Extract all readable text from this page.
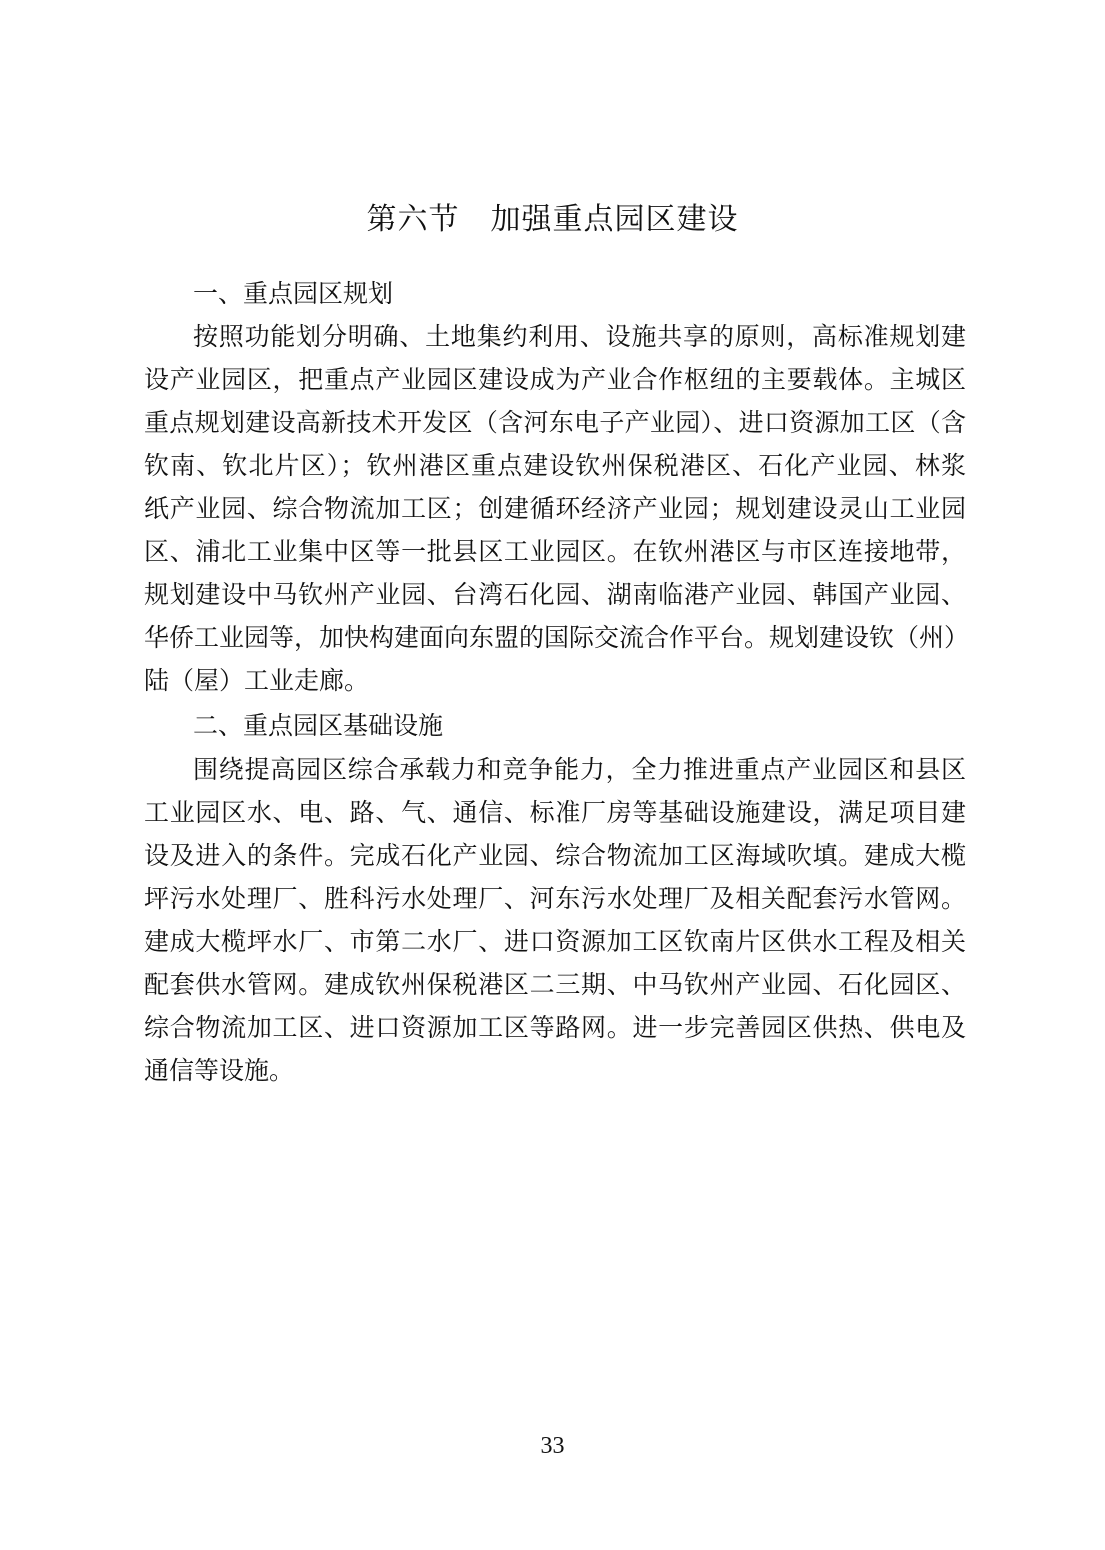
第六节　加强重点园区建设
一、重点园区规划

按照功能划分明确、土地集约利用、设施共享的原则，高标准规划建

设产业园区，把重点产业园区建设成为产业合作枢纽的主要载体。主城区

重点规划建设高新技术开发区（含河东电子产业园）、进口资源加工区（含

钦南、钦北片区）；钦州港区重点建设钦州保税港区、石化产业园、林浆

纸产业园、综合物流加工区；创建循环经济产业园；规划建设灵山工业园

区、浦北工业集中区等一批县区工业园区。在钦州港区与市区连接地带，

规划建设中马钦州产业园、台湾石化园、湖南临港产业园、韩国产业园、

华侨工业园等，加快构建面向东盟的国际交流合作平台。规划建设钦（州）

陆（屋）工业走廊。

二、重点园区基础设施

围绕提高园区综合承载力和竞争能力，全力推进重点产业园区和县区

工业园区水、电、路、气、通信、标准厂房等基础设施建设，满足项目建

设及进入的条件。完成石化产业园、综合物流加工区海域吹填。建成大榄

坪污水处理厂、胜科污水处理厂、河东污水处理厂及相关配套污水管网。

建成大榄坪水厂、市第二水厂、进口资源加工区钦南片区供水工程及相关

配套供水管网。建成钦州保税港区二三期、中马钦州产业园、石化园区、

综合物流加工区、进口资源加工区等路网。进一步完善园区供热、供电及

通信等设施。

33
